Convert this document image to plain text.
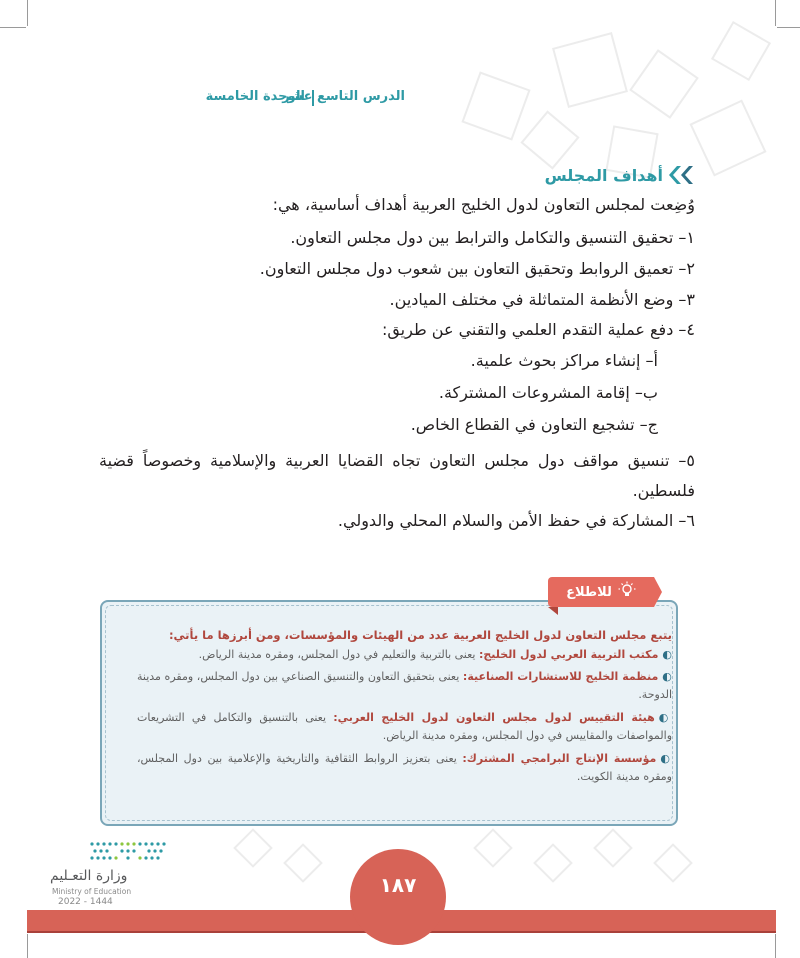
الوحدة الخامسة
الدرس التاسع عشر
أهداف المجلس
وُضِعت لمجلس التعاون لدول الخليج العربية أهداف أساسية، هي:
١– تحقيق التنسيق والتكامل والترابط بين دول مجلس التعاون.
٢– تعميق الروابط وتحقيق التعاون بين شعوب دول مجلس التعاون.
٣– وضع الأنظمة المتماثلة في مختلف الميادين.
٤– دفع عملية التقدم العلمي والتقني عن طريق:
أ– إنشاء مراكز بحوث علمية.
ب– إقامة المشروعات المشتركة.
ج– تشجيع التعاون في القطاع الخاص.
٥– تنسيق مواقف دول مجلس التعاون تجاه القضايا العربية والإسلامية وخصوصاً قضية فلسطين.
٦– المشاركة في حفظ الأمن والسلام المحلي والدولي.
للاطلاع
يتبع مجلس التعاون لدول الخليج العربية عدد من الهيئات والمؤسسات، ومن أبرزها ما يأتي:
◐مكتب التربية العربي لدول الخليج: يعنى بالتربية والتعليم في دول المجلس، ومقره مدينة الرياض.
◐منظمة الخليج للاستشارات الصناعية: يعنى بتحقيق التعاون والتنسيق الصناعي بين دول المجلس، ومقره مدينة الدوحة.
◐هيئة التقييس لدول مجلس التعاون لدول الخليج العربي: يعنى بالتنسيق والتكامل في التشريعات والمواصفات والمقاييس في دول المجلس، ومقره مدينة الرياض.
◐مؤسسة الإنتاج البرامجي المشترك: يعنى بتعزيز الروابط الثقافية والتاريخية والإعلامية بين دول المجلس، ومقره مدينة الكويت.
وزارة التعـليم
Ministry of Education
2022 - 1444
١٨٧
